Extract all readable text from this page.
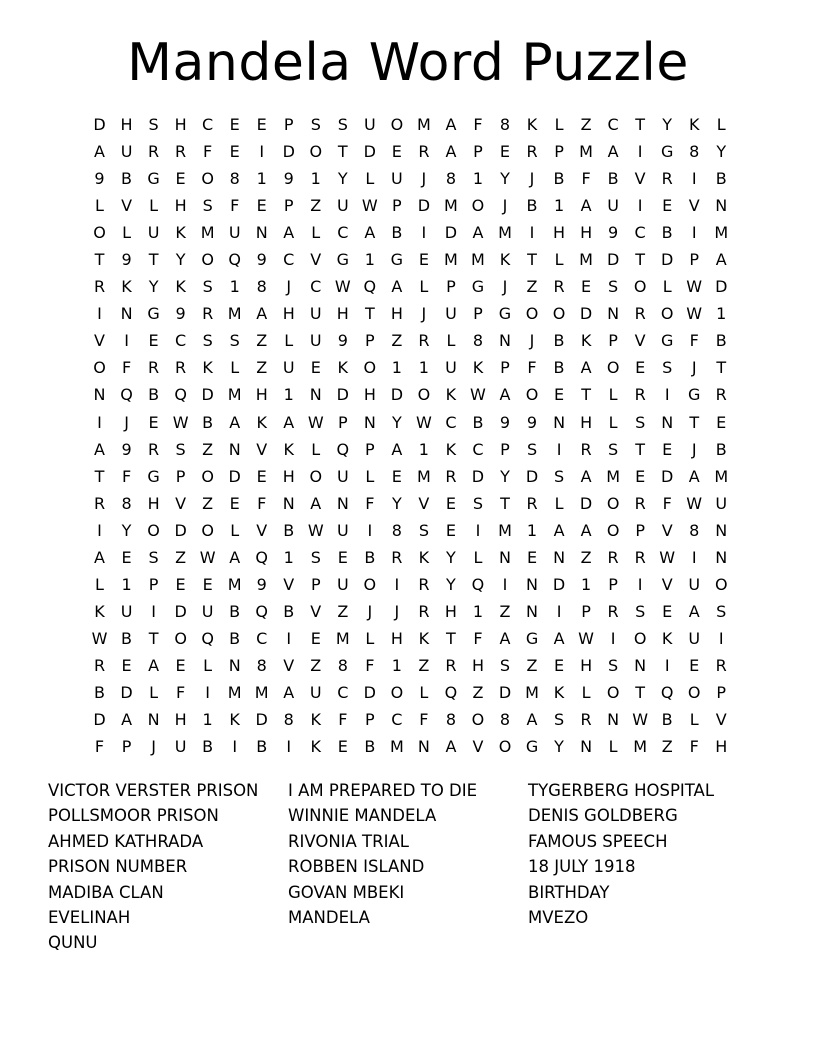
Mandela Word Puzzle
D H S H C	E	E	P	S	S	U O M A	F	8	K	L	Z C	T	Y	K	L
A U R R	F	E	I	D O T D E	R A	P	E	R	P M A	I	G 8	Y
9	B G E O 8	1	9	1	Y	L	U	J	8	1	Y	J	B	F	B	V	R	I	B
L	V	L	H S	F	E	P	Z U W P	D M O	J	B	1	A U	I	E	V N
O	L	U K M U N A	L	C A	B	I	D A M	I	H H 9	C B	I	M
T	9	T	Y O Q 9	C V G 1 G E M M K	T	L M D T D	P	A
R	K	Y	K	S	1	8	J	C W Q A	L	P	G	J	Z R	E	S O	L W D
I	N G 9	R M A H U H	T	H	J	U	P	G O O D N R O W 1
V	I	E	C	S	S	Z	L	U	9	P	Z R	L	8 N	J	B	K	P	V G	F	B
O	F	R R	K	L	Z U	E	K O 1	1	U K	P	F	B	A O E	S	J	T
N Q B Q D M H 1 N D H D O K W A O E	T	L	R	I	G R
I	J	E W B	A	K	A W P	N	Y W C B	9	9 N H	L	S N	T	E
A	9	R	S	Z N V	K	L	Q P	A	1	K	C	P	S	I	R	S	T	E	J	B
T	F	G	P O D E H O U	L	E M R D Y D S	A M E D A M
R	8 H V	Z	E	F	N A N	F	Y	V	E	S	T	R	L	D O R	F W U
I	Y O D O	L	V	B W U	I	8	S	E	I	M 1	A	A O P	V	8 N
A	E	S	Z W A Q 1	S	E	B R	K	Y	L	N E	N Z R R W	I	N
L	1	P	E	E M 9	V	P	U O	I	R	Y Q	I	N D 1	P	I	V U O
K U	I	D U B Q B	V	Z	J	J	R H 1	Z N	I	P	R	S	E	A	S
W B	T O Q B C	I	E M L	H K	T	F	A G A W	I	O K U	I
R	E	A	E	L	N 8	V	Z	8	F	1	Z R H S	Z	E H S N	I	E	R
B D	L	F	I	M M A U C D O	L	Q Z D M K	L	O T Q O P
D A N H 1	K D 8	K	F	P	C	F	8 O 8	A	S	R N W B	L	V
F	P	J	U B	I	B	I	K	E	B M N A	V O G Y	N	L M Z	F	H
VICTOR VERSTER PRISON
POLLSMOOR PRISON
AHMED KATHRADA
PRISON NUMBER
MADIBA CLAN
EVELINAH
QUNU
I AM PREPARED TO DIE
WINNIE MANDELA
RIVONIA TRIAL
ROBBEN ISLAND
GOVAN MBEKI
MANDELA
TYGERBERG HOSPITAL
DENIS GOLDBERG
FAMOUS SPEECH
18 JULY 1918
BIRTHDAY
MVEZO
